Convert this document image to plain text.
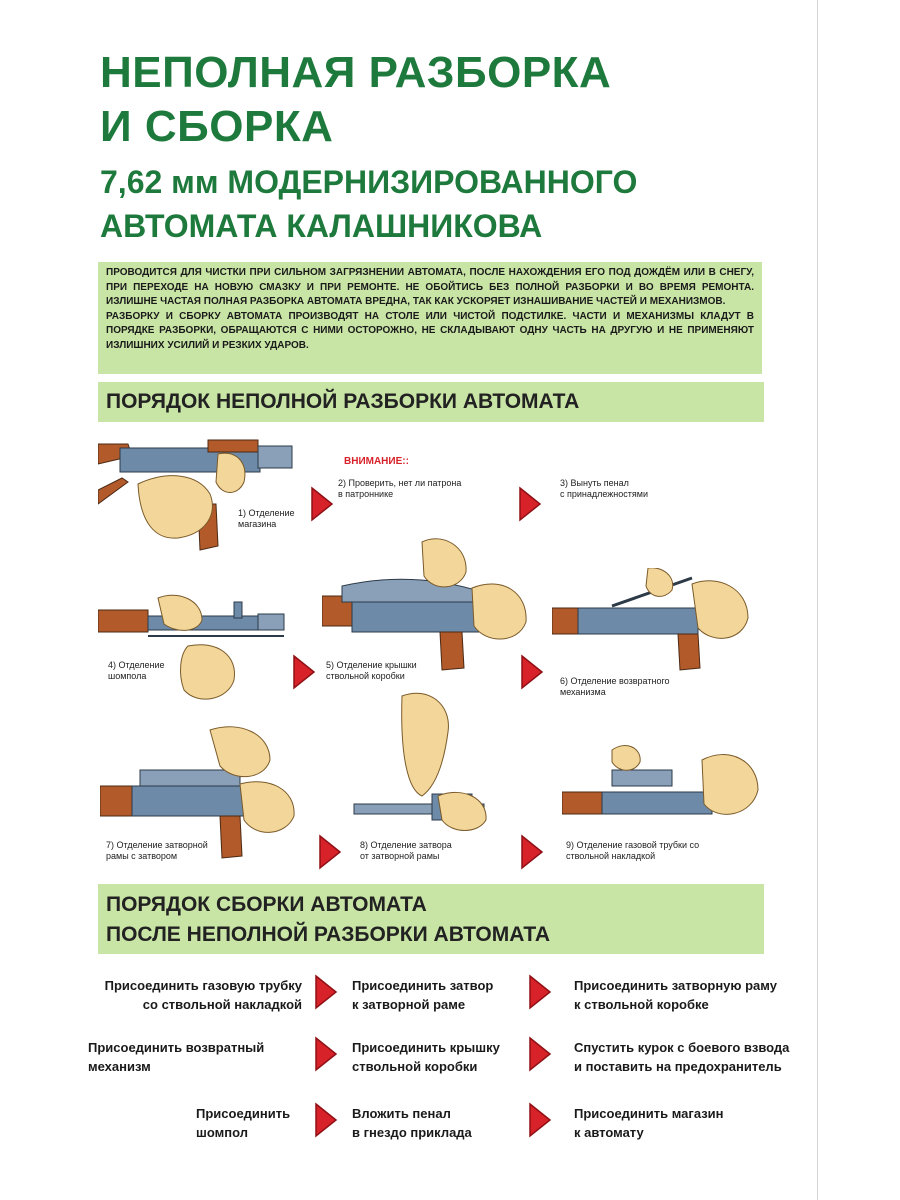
НЕПОЛНАЯ РАЗБОРКА
И СБОРКА
7,62 мм МОДЕРНИЗИРОВАННОГО
АВТОМАТА КАЛАШНИКОВА

ПРОВОДИТСЯ ДЛЯ ЧИСТКИ ПРИ СИЛЬНОМ ЗАГРЯЗНЕНИИ АВТОМАТА, ПОСЛЕ НАХОЖДЕНИЯ ЕГО ПОД ДОЖДЁМ ИЛИ В СНЕГУ, ПРИ ПЕРЕХОДЕ НА НОВУЮ СМАЗКУ И ПРИ РЕМОНТЕ. НЕ ОБОЙТИСЬ БЕЗ ПОЛНОЙ РАЗБОРКИ И ВО ВРЕМЯ РЕМОНТА. ИЗЛИШНЕ ЧАСТАЯ ПОЛНАЯ РАЗБОРКА АВТОМАТА ВРЕДНА, ТАК КАК УСКОРЯЕТ ИЗНАШИВАНИЕ ЧАСТЕЙ И МЕХАНИЗМОВ.

РАЗБОРКУ И СБОРКУ АВТОМАТА ПРОИЗВОДЯТ НА СТОЛЕ ИЛИ ЧИСТОЙ ПОДСТИЛКЕ. ЧАСТИ И МЕХАНИЗМЫ КЛАДУТ В ПОРЯДКЕ РАЗБОРКИ, ОБРАЩАЮТСЯ С НИМИ ОСТОРОЖНО, НЕ СКЛАДЫВАЮТ ОДНУ ЧАСТЬ НА ДРУГУЮ И НЕ ПРИМЕНЯЮТ ИЗЛИШНИХ УСИЛИЙ И РЕЗКИХ УДАРОВ.

ПОРЯДОК НЕПОЛНОЙ РАЗБОРКИ АВТОМАТА
1) Отделение
магазина
ВНИМАНИЕ::
2) Проверить, нет ли патрона
в патроннике
3) Вынуть пенал
с принадлежностями
4) Отделение
шомпола
5) Отделение крышки
ствольной коробки	6) Отделение возвратного
механизма
7) Отделение затворной
рамы с затвором
8) Отделение затвора
от затворной рамы
9) Отделение газовой трубки со
ствольной накладкой
ПОРЯДОК СБОРКИ АВТОМАТА
ПОСЛЕ НЕПОЛНОЙ РАЗБОРКИ АВТОМАТА
Присоединить газовую трубку
со ствольной накладкой
Присоединить затвор
к затворной раме
Присоединить затворную раму
к ствольной коробке
Присоединить возвратный
механизм
Присоединить крышку
ствольной коробки
Спустить курок с боевого взвода
и поставить на предохранитель
Присоединить
шомпол
Вложить пенал
в гнездо приклада
Присоединить магазин
к автомату
